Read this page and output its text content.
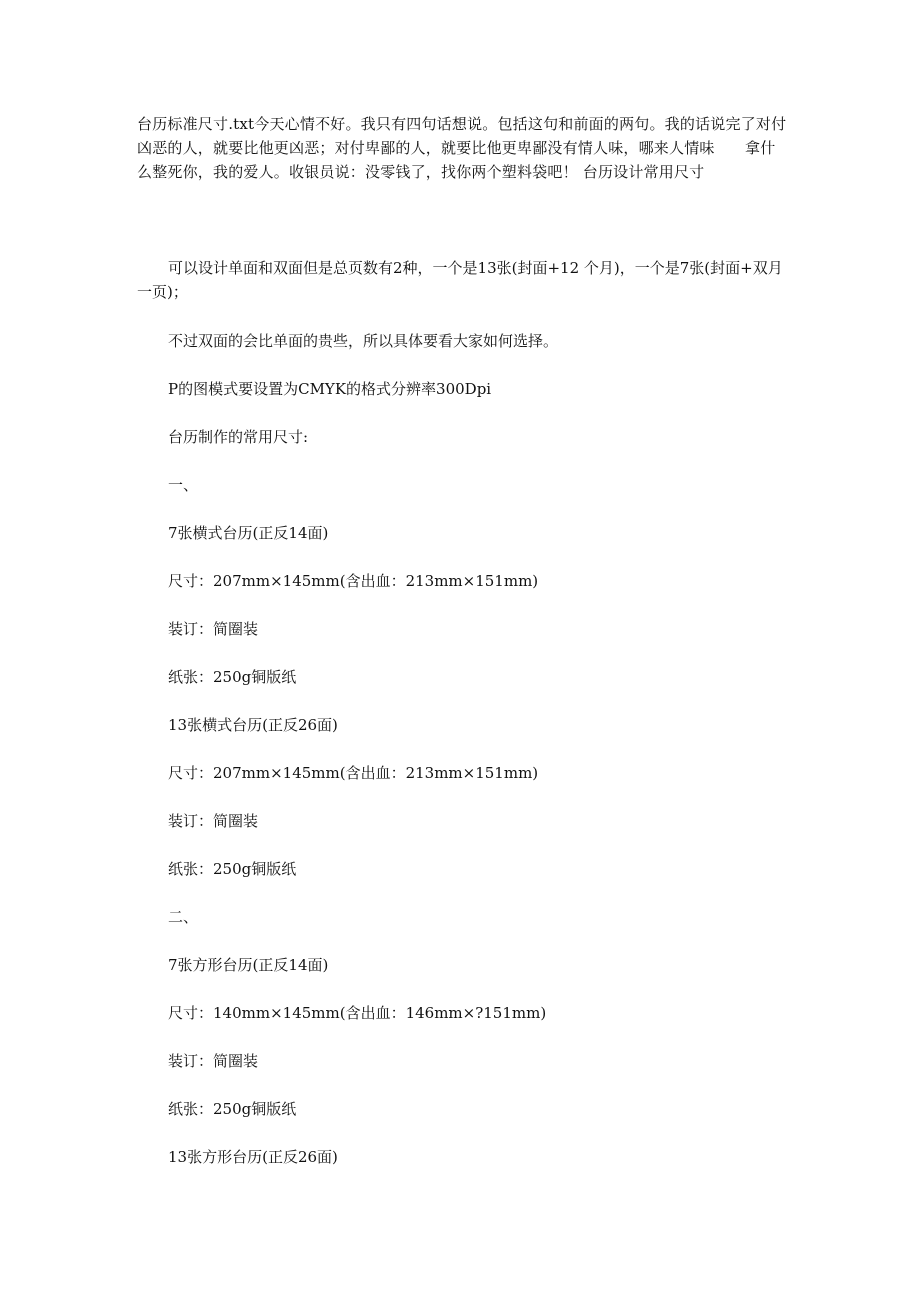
台历标准尺寸.txt今天心情不好。我只有四句话想说。包括这句和前面的两句。我的话说完了对付凶恶的人，就要比他更凶恶；对付卑鄙的人，就要比他更卑鄙没有情人味，哪来人情味　　拿什么整死你，我的爱人。收银员说：没零钱了，找你两个塑料袋吧！ 台历设计常用尺寸

可以设计单面和双面但是总页数有2种，一个是13张(封面+12 个月)，一个是7张(封面+双月一页)；

不过双面的会比单面的贵些，所以具体要看大家如何选择。

P的图模式要设置为CMYK的格式分辨率300Dpi

台历制作的常用尺寸:

一、

7张横式台历(正反14面)

尺寸：207mm×145mm(含出血：213mm×151mm)

装订：简圈装

纸张：250g铜版纸

13张横式台历(正反26面)

尺寸：207mm×145mm(含出血：213mm×151mm)

装订：简圈装

纸张：250g铜版纸

二、

7张方形台历(正反14面)

尺寸：140mm×145mm(含出血：146mm×?151mm)

装订：简圈装

纸张：250g铜版纸

13张方形台历(正反26面)
